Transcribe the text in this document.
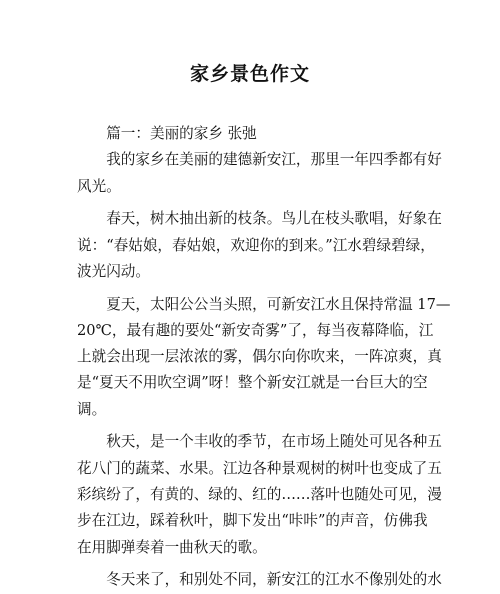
家乡景色作文
　　篇一：美丽的家乡 张弛
　　我的家乡在美丽的建德新安江，那里一年四季都有好
风光。
　　春天，树木抽出新的枝条。鸟儿在枝头歌唱，好象在
说：“春姑娘，春姑娘，欢迎你的到来。”江水碧绿碧绿，
波光闪动。
　　夏天，太阳公公当头照，可新安江水且保持常温 17—
20℃，最有趣的要处“新安奇雾”了，每当夜幕降临，江
上就会出现一层浓浓的雾，偶尔向你吹来，一阵凉爽，真
是“夏天不用吹空调”呀！整个新安江就是一台巨大的空
调。
　　秋天，是一个丰收的季节，在市场上随处可见各种五
花八门的蔬菜、水果。江边各种景观树的树叶也变成了五
彩缤纷了，有黄的、绿的、红的……落叶也随处可见，漫
步在江边，踩着秋叶，脚下发出“咔咔”的声音，仿佛我
在用脚弹奏着一曲秋天的歌。
　　冬天来了，和别处不同，新安江的江水不像别处的水
